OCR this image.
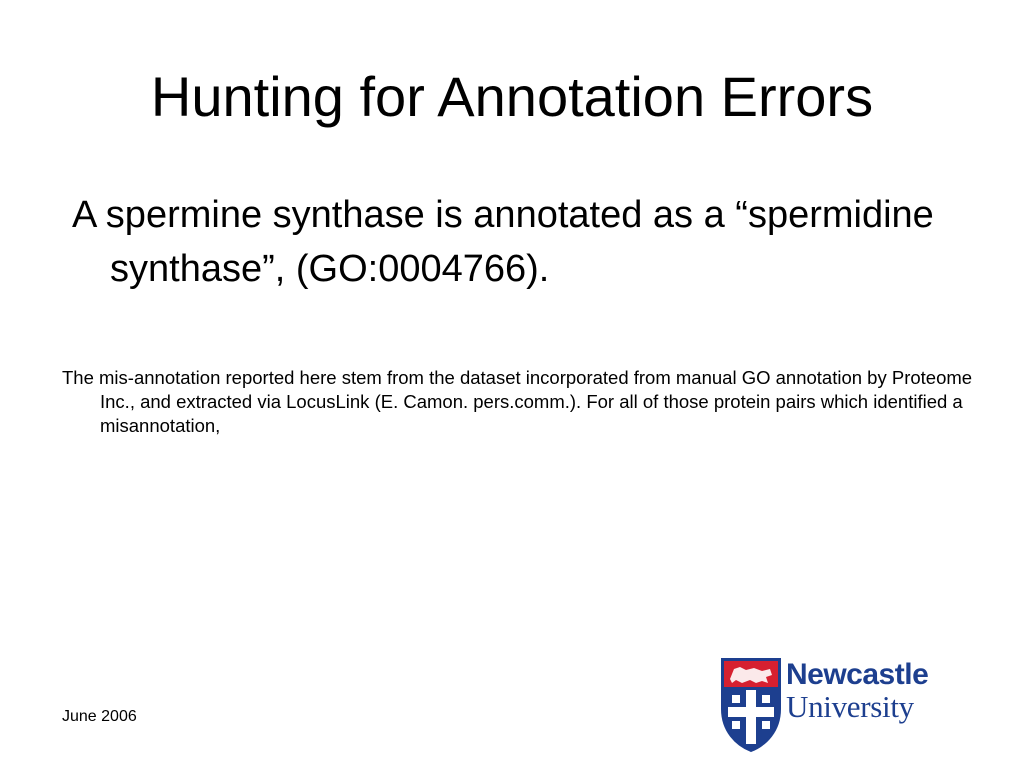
Hunting for Annotation Errors
A spermine synthase is annotated as a “spermidine synthase”, (GO:0004766).
The mis-annotation reported here stem from the dataset incorporated from manual GO annotation by Proteome Inc., and extracted via LocusLink (E. Camon. pers.comm.). For all of those protein pairs which identified a misannotation,
June 2006
Newcastle
University
